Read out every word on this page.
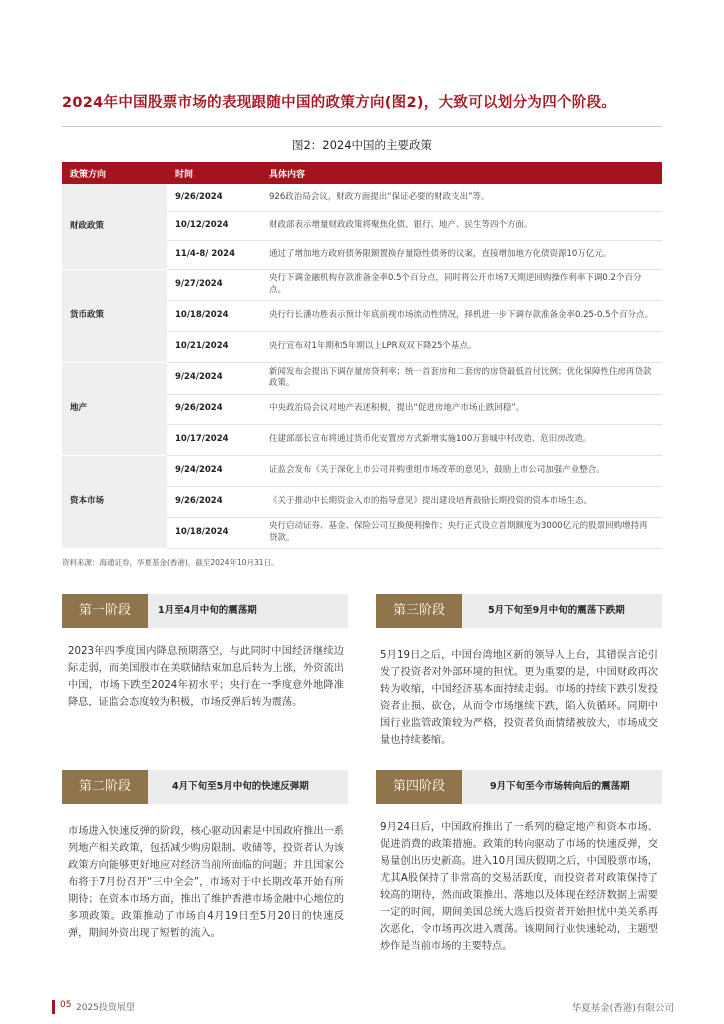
2024年中国股票市场的表现跟随中国的政策方向(图2)，大致可以划分为四个阶段。
图2：2024中国的主要政策
政策方向	时间	具体内容
财政政策	9/26/2024	926政治局会议，财政方面提出“保证必要的财政支出”等。
	10/12/2024	财政部表示增量财政政策将聚焦化债、银行、地产、民生等四个方面。
	11/4-8/ 2024	通过了增加地方政府债务限额置换存量隐性债务的议案，直接增加地方化债资源10万亿元。
货币政策	9/27/2024	央行下调金融机构存款准备金率0.5个百分点，同时将公开市场7天期逆回购操作利率下调0.2个百分点。
	10/18/2024	央行行长潘功胜表示预计年底前视市场流动性情况，择机进一步下调存款准备金率0.25-0.5个百分点。
	10/21/2024	央行宣布对1年期和5年期以上LPR双双下降25个基点。
地产	9/24/2024	新闻发布会提出下调存量房贷利率；统一首套房和二套房的房贷最低首付比例；优化保障性住房再贷款政策。
	9/26/2024	中央政治局会议对地产表述积极，提出“促进房地产市场止跌回稳”。
	10/17/2024	住建部部长宣布将通过货币化安置房方式新增实施100万套城中村改造、危旧房改造。
资本市场	9/24/2024	证监会发布《关于深化上市公司并购重组市场改革的意见》，鼓励上市公司加强产业整合。
	9/26/2024	《关于推动中长期资金入市的指导意见》提出建设培育鼓励长期投资的资本市场生态。
	10/18/2024	央行启动证券、基金、保险公司互换便利操作；央行正式设立首期额度为3000亿元的股票回购增持再贷款。
资料来源：海通证券，华夏基金(香港)，截至2024年10月31日。
第一阶段	1月至4月中旬的震荡期
2023年四季度国内降息预期落空，与此同时中国经济继续边际走弱，而美国股市在美联储结束加息后转为上涨，外资流出中国，市场下跌至2024年初水平；央行在一季度意外地降准降息，证监会态度较为积极，市场反弹后转为震荡。
第二阶段	4月下旬至5月中旬的快速反弹期
市场进入快速反弹的阶段，核心驱动因素是中国政府推出一系列地产相关政策，包括减少购房限制、收储等，投资者认为该政策方向能够更好地应对经济当前所面临的问题；并且国家公布将于7月份召开“三中全会”，市场对于中长期改革开始有所期待；在资本市场方面，推出了维护香港市场金融中心地位的多项政策。政策推动了市场自4月19日至5月20日的快速反弹，期间外资出现了短暂的流入。
第三阶段	5月下旬至9月中旬的震荡下跌期
5月19日之后，中国台湾地区新的领导人上台，其错误言论引发了投资者对外部环境的担忧。更为重要的是，中国财政再次转为收缩，中国经济基本面持续走弱。市场的持续下跌引发投资者止损、砍仓，从而令市场继续下跌，陷入负循环。同期中国行业监管政策较为严格，投资者负面情绪被放大，市场成交量也持续萎缩。
第四阶段	9月下旬至今市场转向后的震荡期
9月24日后，中国政府推出了一系列的稳定地产和资本市场、促进消费的政策措施。政策的转向驱动了市场的快速反弹，交易量创出历史新高。进入10月国庆假期之后，中国股票市场，尤其A股保持了非常高的交易活跃度，而投资者对政策保持了较高的期待，然而政策推出、落地以及体现在经济数据上需要一定的时间，期间美国总统大选后投资者开始担忧中美关系再次恶化，令市场再次进入震荡。该期间行业快速轮动，主题型炒作是当前市场的主要特点。
05 2025投资展望	华夏基金(香港)有限公司
